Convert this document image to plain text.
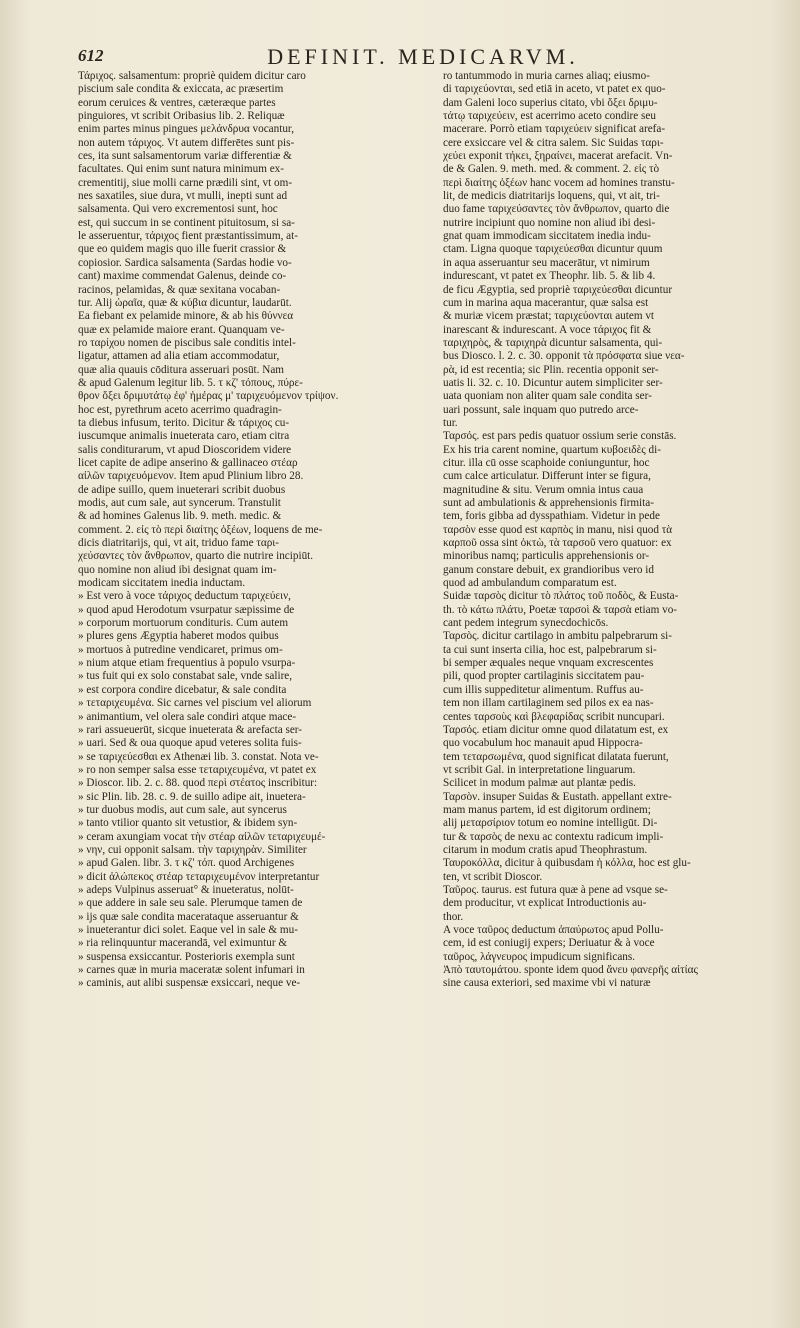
612	DEFINIT. MEDICARVM.
Τάριχος. salsamentum: propriè quidem dicitur caro
piscium sale condita & exiccata, ac præsertim
eorum ceruices & ventres, cæteræque partes
pinguiores, vt scribit Oribasius lib. 2. Reliquæ
enim partes minus pingues μελάνδρυα vocantur,
non autem τάριχος. Vt autem differētes sunt pis-
ces, ita sunt salsamentorum variæ differentiæ &
facultates. Qui enim sunt natura minimum ex-
crementitij, siue molli carne prædili sint, vt om-
nes saxatiles, siue dura, vt mulli, inepti sunt ad
salsamenta. Qui vero excrementosi sunt, hoc
est, qui succum in se continent pituitosum, si sa-
le asseruentur, τάριχος fient præstantissimum, at-
que eo quidem magis quo ille fuerit crassior &
copiosior. Sardica salsamenta (Sardas hodie vo-
cant) maxime commendat Galenus, deinde co-
racinos, pelamidas, & quæ sexitana vocaban-
tur. Alij ὡραῖα, quæ & κύβια dicuntur, laudarūt.
Ea fiebant ex pelamide minore, & ab his θύννεα
quæ ex pelamide maiore erant. Quanquam ve-
ro ταρίχου nomen de piscibus sale conditis intel-
ligatur, attamen ad alia etiam accommodatur,
quæ alia quauis cōditura asseruari posūt. Nam
& apud Galenum legitur lib. 5. τ κζ' τόπους, πύρε-
θρον ὄξει δριμυτάτῳ ἐφ' ἡμέρας μ' ταριχευόμενον τρίψον.
hoc est, pyrethrum aceto acerrimo quadragin-
ta diebus infusum, terito. Dicitur & τάριχος cu-
iuscumque animalis inueterata caro, etiam citra
salis conditurarum, vt apud Dioscoridem videre
licet capite de adipe anserino & gallinaceo στέαρ
αἰλῶν ταριχευόμενον. Item apud Plinium libro 28.
de adipe suillo, quem inueterari scribit duobus
modis, aut cum sale, aut syncerum. Transtulit
& ad homines Galenus lib. 9. meth. medic. &
comment. 2. εἰς τὸ περὶ διαίτης ὀξέων, loquens de me-
dicis diatritarijs, qui, vt ait, triduo fame ταρι-
χεύσαντες τὸν ἄνθρωπον, quarto die nutrire incipiūt.
quo nomine non aliud ibi designat quam im-
modicam siccitatem inedia inductam.
» Est vero à voce τάριχος deductum ταριχεύειν,
» quod apud Herodotum vsurpatur sæpissime de
» corporum mortuorum condituris. Cum autem
» plures gens Ægyptia haberet modos quibus
» mortuos à putredine vendicaret, primus om-
» nium atque etiam frequentius à populo vsurpa-
» tus fuit qui ex solo constabat sale, vnde salire,
» est corpora condire dicebatur, & sale condita
» τεταριχευμένα. Sic carnes vel piscium vel aliorum
» animantium, vel olera sale condiri atque mace-
» rari assueuerūt, sicque inueterata & arefacta ser-
» uari. Sed & oua quoque apud veteres solita fuis-
» se ταριχεύεσθαι ex Athenæi lib. 3. constat. Nota ve-
» ro non semper salsa esse τεταριχευμένα, vt patet ex
» Dioscor. lib. 2. c. 88. quod περὶ στέατος inscribitur:
» sic Plin. lib. 28. c. 9. de suillo adipe ait, inuetera-
» tur duobus modis, aut cum sale, aut syncerus
» tanto vtilior quanto sit vetustior, & ibidem syn-
» ceram axungiam vocat τὴν στέαρ αἰλῶν τεταριχευμέ-
» νην, cui opponit salsam. τὴν ταριχηρὰν. Similiter
» apud Galen. libr. 3. τ κζ' τόπ. quod Archigenes
» dicit ἀλώπεκος στέαρ τεταριχευμένον interpretantur
» adeps Vulpinus asseruat° & inueteratus, nolūt-
» que addere in sale seu sale. Plerumque tamen de
» ijs quæ sale condita macerataque asseruantur &
» inueterantur dici solet. Eaque vel in sale & mu-
» ria relinquuntur macerandā, vel eximuntur &
» suspensa exsiccantur. Posterioris exempla sunt
» carnes quæ in muria maceratæ solent infumari in
» caminis, aut alibi suspensæ exsiccari, neque ve-
ro tantummodo in muria carnes aliaq; eiusmo-
di ταριχεύονται, sed etiā in aceto, vt patet ex quo-
dam Galeni loco superius citato, vbi ὄξει δριμυ-
τάτῳ ταριχεύειν, est acerrimo aceto condire seu
macerare. Porrò etiam ταριχεύειν significat arefa-
cere exsiccare vel & citra salem. Sic Suidas ταρι-
χεύει exponit τήκει, ξηραίνει, macerat arefacit. Vn-
de & Galen. 9. meth. med. & comment. 2. εἰς τὸ
περὶ διαίτης ὀξέων hanc vocem ad homines transtu-
lit, de medicis diatritarijs loquens, qui, vt ait, tri-
duo fame ταριχεύσαντες τὸν ἄνθρωπον, quarto die
nutrire incipiunt quo nomine non aliud ibi desi-
gnat quam immodicam siccitatem inedia indu-
ctam. Ligna quoque ταριχεύεσθαι dicuntur quum
in aqua asseruantur seu macerātur, vt nimirum
indurescant, vt patet ex Theophr. lib. 5. & lib 4.
de ficu Ægyptia, sed propriè ταριχεύεσθαι dicuntur
cum in marina aqua macerantur, quæ salsa est
& muriæ vicem præstat; ταριχεύονται autem vt
inarescant & indurescant. A voce τάριχος fit &
ταριχηρὸς, & ταριχηρὰ dicuntur salsamenta, qui-
bus Diosco. l. 2. c. 30. opponit τὰ πρόσφατα siue νεα-
ρὰ, id est recentia; sic Plin. recentia opponit ser-
uatis li. 32. c. 10. Dicuntur autem simpliciter ser-
uata quoniam non aliter quam sale condita ser-
uari possunt, sale inquam quo putredo arce-
tur.
Ταρσός. est pars pedis quatuor ossium serie constās.
Ex his tria carent nomine, quartum κυβοειδὲς di-
citur. illa cū osse scaphoide coniunguntur, hoc
cum calce articulatur. Differunt inter se figura,
magnitudine & situ. Verum omnia intus caua
sunt ad ambulationis & apprehensionis firmita-
tem, foris gibba ad dysspathiam. Videtur in pede
ταρσὸν esse quod est καρπὸς in manu, nisi quod τὰ
καρποῦ ossa sint ὀκτὼ, τὰ ταρσοῦ vero quatuor: ex
minoribus namq; particulis apprehensionis or-
ganum constare debuit, ex grandioribus vero id
quod ad ambulandum comparatum est.
Suidæ ταρσὸς dicitur τὸ πλάτος τοῦ ποδὸς, & Eusta-
th. τὸ κάτω πλάτυ, Poetæ ταρσοὶ & ταρσὰ etiam vo-
cant pedem integrum synecdochicōs.
Ταρσὸς. dicitur cartilago in ambitu palpebrarum si-
ta cui sunt inserta cilia, hoc est, palpebrarum si-
bi semper æquales neque vnquam excrescentes
pili, quod propter cartilaginis siccitatem pau-
cum illis suppeditetur alimentum. Ruffus au-
tem non illam cartilaginem sed pilos ex ea nas-
centes ταρσοὺς καὶ βλεφαρίδας scribit nuncupari.
Ταρσός. etiam dicitur omne quod dilatatum est, ex
quo vocabulum hoc manauit apud Hippocra-
tem τεταρσωμένα, quod significat dilatata fuerunt,
vt scribit Gal. in interpretatione linguarum.
Scilicet in modum palmæ aut plantæ pedis.
Ταρσὸν. insuper Suidas & Eustath. appellant extre-
mam manus partem, id est digitorum ordinem;
alij μεταρσίριον totum eo nomine intelligūt. Di-
tur & ταρσὸς de nexu ac contextu radicum impli-
citarum in modum cratis apud Theophrastum.
Ταυροκόλλα, dicitur à quibusdam ἡ κόλλα, hoc est glu-
ten, vt scribit Dioscor.
Ταῦρος. taurus. est futura quæ à pene ad vsque se-
dem producitur, vt explicat Introductionis au-
thor.
A voce ταῦρος deductum ἀπαύρωτος apud Pollu-
cem, id est coniugij expers; Deriuatur & à voce
ταῦρος, λάγνευρος impudicum significans.
Ἀπὸ ταυτομάτου. sponte idem quod ἄνευ φανερῆς αἰτίας
sine causa exteriori, sed maxime vbi vi naturæ
